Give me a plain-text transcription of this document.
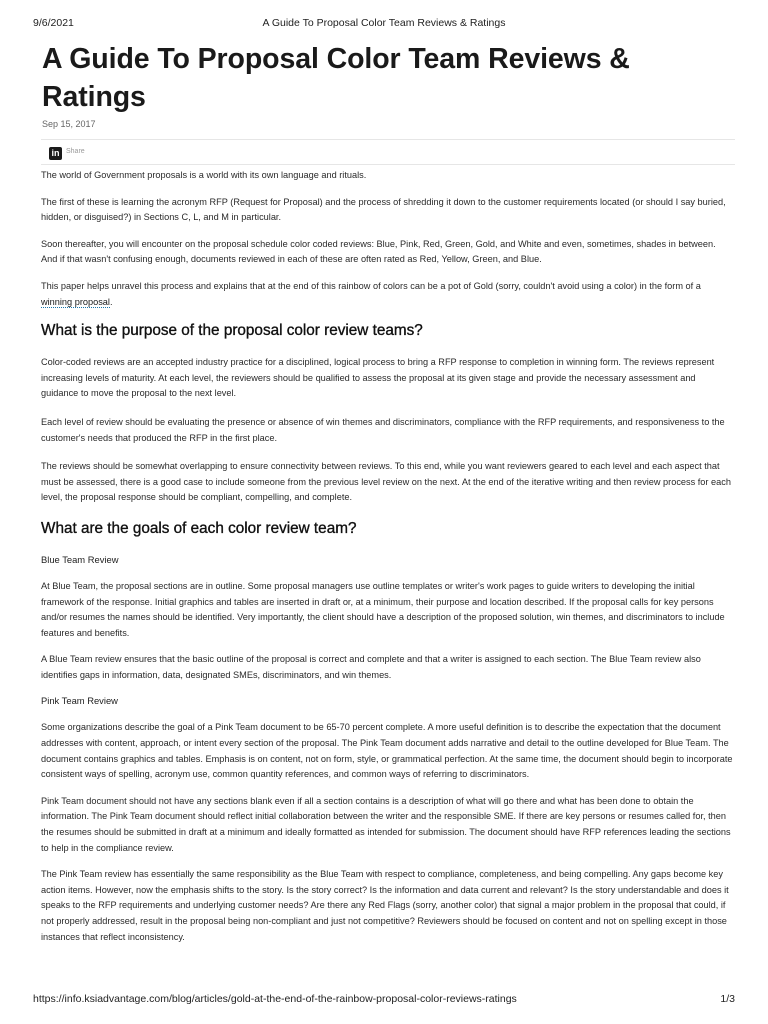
9/6/2021	A Guide To Proposal Color Team Reviews & Ratings
A Guide To Proposal Color Team Reviews & Ratings
Sep 15, 2017
in Share

The world of Government proposals is a world with its own language and rituals.

The first of these is learning the acronym RFP (Request for Proposal) and the process of shredding it down to the customer requirements located (or should I say buried, hidden, or disguised?) in Sections C, L, and M in particular.

Soon thereafter, you will encounter on the proposal schedule color coded reviews: Blue, Pink, Red, Green, Gold, and White and even, sometimes, shades in between. And if that wasn't confusing enough, documents reviewed in each of these are often rated as Red, Yellow, Green, and Blue.

This paper helps unravel this process and explains that at the end of this rainbow of colors can be a pot of Gold (sorry, couldn't avoid using a color) in the form of a winning proposal.

What is the purpose of the proposal color review teams?

Color-coded reviews are an accepted industry practice for a disciplined, logical process to bring a RFP response to completion in winning form. The reviews represent increasing levels of maturity. At each level, the reviewers should be qualified to assess the proposal at its given stage and provide the necessary assessment and guidance to move the proposal to the next level.

Each level of review should be evaluating the presence or absence of win themes and discriminators, compliance with the RFP requirements, and responsiveness to the customer's needs that produced the RFP in the first place.

The reviews should be somewhat overlapping to ensure connectivity between reviews. To this end, while you want reviewers geared to each level and each aspect that must be assessed, there is a good case to include someone from the previous level review on the next. At the end of the iterative writing and then review process for each level, the proposal response should be compliant, compelling, and complete.

What are the goals of each color review team?
Blue Team Review

At Blue Team, the proposal sections are in outline. Some proposal managers use outline templates or writer's work pages to guide writers to developing the initial framework of the response. Initial graphics and tables are inserted in draft or, at a minimum, their purpose and location described. If the proposal calls for key persons and/or resumes the names should be identified. Very importantly, the client should have a description of the proposed solution, win themes, and discriminators to include features and benefits.

A Blue Team review ensures that the basic outline of the proposal is correct and complete and that a writer is assigned to each section. The Blue Team review also identifies gaps in information, data, designated SMEs, discriminators, and win themes.

Pink Team Review

Some organizations describe the goal of a Pink Team document to be 65-70 percent complete. A more useful definition is to describe the expectation that the document addresses with content, approach, or intent every section of the proposal. The Pink Team document adds narrative and detail to the outline developed for Blue Team. The document contains graphics and tables. Emphasis is on content, not on form, style, or grammatical perfection. At the same time, the document should begin to incorporate consistent ways of spelling, acronym use, common quantity references, and common ways of referring to discriminators.

Pink Team document should not have any sections blank even if all a section contains is a description of what will go there and what has been done to obtain the information. The Pink Team document should reflect initial collaboration between the writer and the responsible SME. If there are key persons or resumes called for, then the resumes should be submitted in draft at a minimum and ideally formatted as intended for submission. The document should have RFP references leading the sections to help in the compliance review.

The Pink Team review has essentially the same responsibility as the Blue Team with respect to compliance, completeness, and being compelling. Any gaps become key action items. However, now the emphasis shifts to the story. Is the story correct? Is the information and data current and relevant? Is the story understandable and does it speaks to the RFP requirements and underlying customer needs? Are there any Red Flags (sorry, another color) that signal a major problem in the proposal that could, if not properly addressed, result in the proposal being non-compliant and just not competitive? Reviewers should be focused on content and not on spelling except in those instances that reflect inconsistency.

https://info.ksiadvantage.com/blog/articles/gold-at-the-end-of-the-rainbow-proposal-color-reviews-ratings	1/3
